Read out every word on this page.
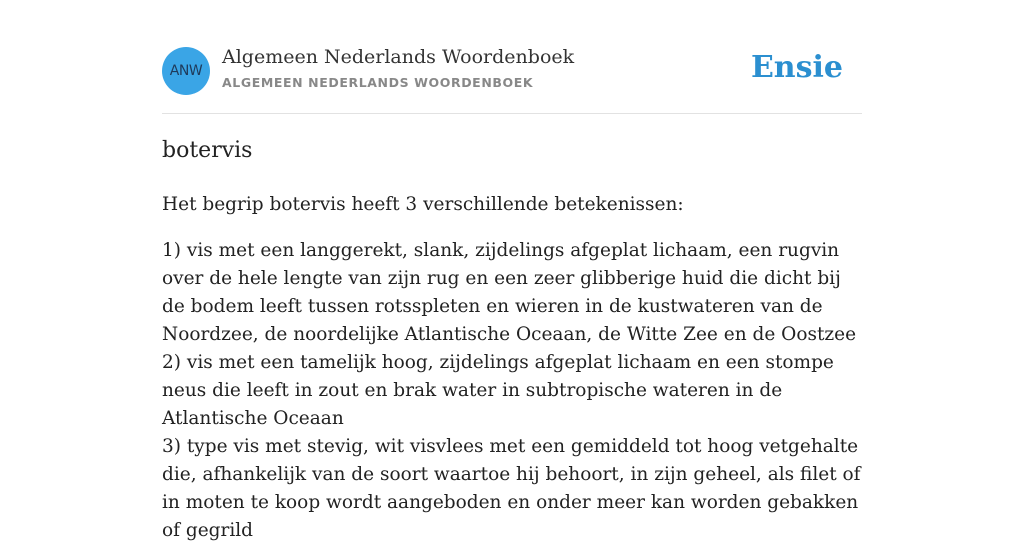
ANW
Algemeen Nederlands Woordenboek
ALGEMEEN NEDERLANDS WOORDENBOEK	Ensie
botervis

Het begrip botervis heeft 3 verschillende betekenissen:

1) vis met een langgerekt, slank, zijdelings afgeplat lichaam, een rugvin over de hele lengte van zijn rug en een zeer glibberige huid die dicht bij de bodem leeft tussen rotsspleten en wieren in de kustwateren van de Noordzee, de noordelijke Atlantische Oceaan, de Witte Zee en de Oostzee
2) vis met een tamelijk hoog, zijdelings afgeplat lichaam en een stompe neus die leeft in zout en brak water in subtropische wateren in de Atlantische Oceaan
3) type vis met stevig, wit visvlees met een gemiddeld tot hoog vetgehalte die, afhankelijk van de soort waartoe hij behoort, in zijn geheel, als filet of in moten te koop wordt aangeboden en onder meer kan worden gebakken of gegrild
